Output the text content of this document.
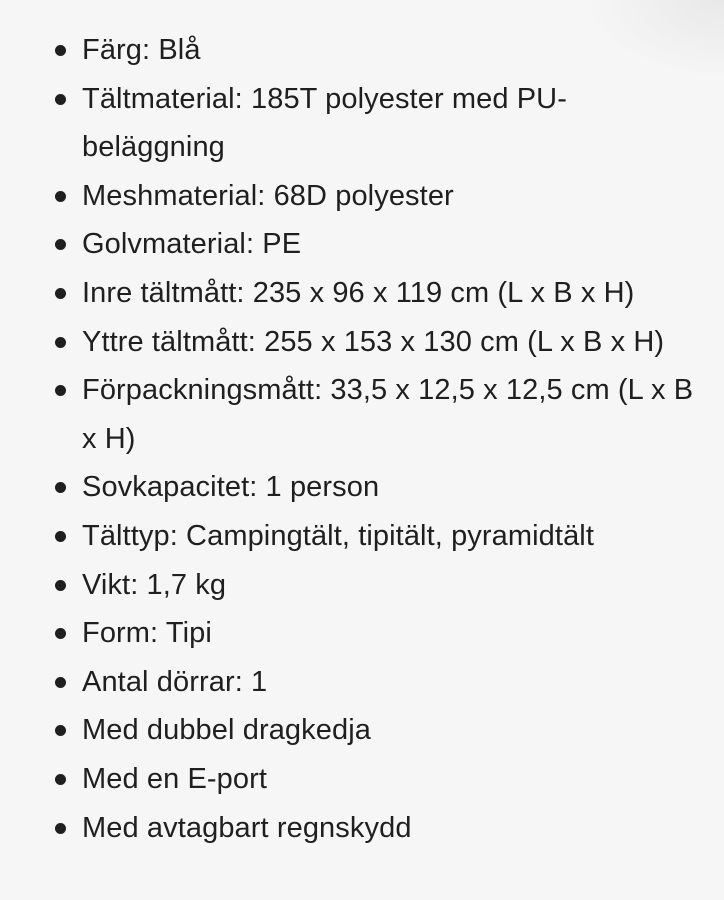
Färg: Blå
Tältmaterial: 185T polyester med PU-beläggning
Meshmaterial: 68D polyester
Golvmaterial: PE
Inre tältmått: 235 x 96 x 119 cm (L x B x H)
Yttre tältmått: 255 x 153 x 130 cm (L x B x H)
Förpackningsmått: 33,5 x 12,5 x 12,5 cm (L x B x H)
Sovkapacitet: 1 person
Tälttyp: Campingtält, tipitält, pyramidtält
Vikt: 1,7 kg
Form: Tipi
Antal dörrar: 1
Med dubbel dragkedja
Med en E-port
Med avtagbart regnskydd
